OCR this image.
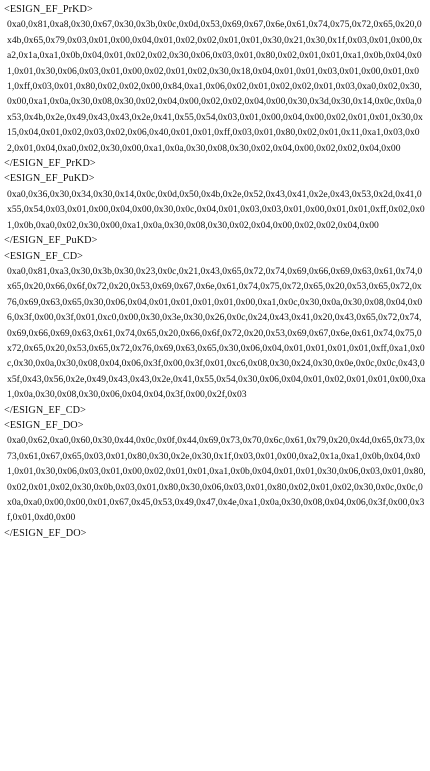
<ESIGN_EF_PrKD>
0xa0,0x81,0xa8,0x30,0x67,0x30,0x3b,0x0c,0x0d,0x53,0x69,0x67,0x6e,0x61,0x74,0x75,0x72,0x65,0x20,0x4b,0x65,0x79,0x03,0x01,0x00,0x04,0x01,0x02,0x02,0x01,0x01,0x30,0x21,0x30,0x1f,0x03,0x01,0x00,0xa2,0x1a,0xa1,0x0b,0x04,0x01,0x02,0x02,0x30,0x06,0x03,0x01,0x80,0x02,0x01,0x01,0xa1,0x0b,0x04,0x01,0x01,0x30,0x06,0x03,0x01,0x00,0x02,0x01,0x02,0x30,0x18,0x04,0x01,0x01,0x03,0x01,0x00,0x01,0x01,0xff,0x03,0x01,0x80,0x02,0x02,0x00,0x84,0xa1,0x06,0x02,0x01,0x02,0x02,0x01,0x03,0xa0,0x02,0x30,0x00,0xa1,0x0a,0x30,0x08,0x30,0x02,0x04,0x00,0x02,0x02,0x04,0x00,0x30,0x3d,0x30,0x14,0x0c,0x0a,0x53,0x4b,0x2e,0x49,0x43,0x43,0x2e,0x41,0x55,0x54,0x03,0x01,0x00,0x04,0x00,0x02,0x01,0x01,0x30,0x15,0x04,0x01,0x02,0x03,0x02,0x06,0x40,0x01,0x01,0xff,0x03,0x01,0x80,0x02,0x01,0x11,0xa1,0x03,0x02,0x01,0x04,0xa0,0x02,0x30,0x00,0xa1,0x0a,0x30,0x08,0x30,0x02,0x04,0x00,0x02,0x02,0x04,0x00
</ESIGN_EF_PrKD>
<ESIGN_EF_PuKD>
0xa0,0x36,0x30,0x34,0x30,0x14,0x0c,0x0d,0x50,0x4b,0x2e,0x52,0x43,0x41,0x2e,0x43,0x53,0x2d,0x41,0x55,0x54,0x03,0x01,0x00,0x04,0x00,0x30,0x0c,0x04,0x01,0x03,0x03,0x01,0x00,0x01,0x01,0xff,0x02,0x01,0x0b,0xa0,0x02,0x30,0x00,0xa1,0x0a,0x30,0x08,0x30,0x02,0x04,0x00,0x02,0x02,0x04,0x00
</ESIGN_EF_PuKD>
<ESIGN_EF_CD>
0xa0,0x81,0xa3,0x30,0x3b,0x30,0x23,0x0c,0x21,0x43,0x65,0x72,0x74,0x69,0x66,0x69,0x63,0x61,0x74,0x65,0x20,0x66,0x6f,0x72,0x20,0x53,0x69,0x67,0x6e,0x61,0x74,0x75,0x72,0x65,0x20,0x53,0x65,0x72,0x76,0x69,0x63,0x65,0x30,0x06,0x04,0x01,0x01,0x01,0x01,0x00,0xa1,0x0c,0x30,0x0a,0x30,0x08,0x04,0x06,0x3f,0x00,0x3f,0x01,0xc0,0x00,0x30,0x3e,0x30,0x26,0x0c,0x24,0x43,0x41,0x20,0x43,0x65,0x72,0x74,0x69,0x66,0x69,0x63,0x61,0x74,0x65,0x20,0x66,0x6f,0x72,0x20,0x53,0x69,0x67,0x6e,0x61,0x74,0x75,0x72,0x65,0x20,0x53,0x65,0x72,0x76,0x69,0x63,0x65,0x30,0x06,0x04,0x01,0x01,0x01,0x01,0xff,0xa1,0x0c,0x30,0x0a,0x30,0x08,0x04,0x06,0x3f,0x00,0x3f,0x01,0xc6,0x08,0x30,0x24,0x30,0x0e,0x0c,0x0c,0x43,0x5f,0x43,0x56,0x2e,0x49,0x43,0x43,0x2e,0x41,0x55,0x54,0x30,0x06,0x04,0x01,0x02,0x01,0x01,0x00,0xa1,0x0a,0x30,0x08,0x30,0x06,0x04,0x04,0x3f,0x00,0x2f,0x03
</ESIGN_EF_CD>
<ESIGN_EF_DO>
0xa0,0x62,0xa0,0x60,0x30,0x44,0x0c,0x0f,0x44,0x69,0x73,0x70,0x6c,0x61,0x79,0x20,0x4d,0x65,0x73,0x73,0x61,0x67,0x65,0x03,0x01,0x80,0x30,0x2e,0x30,0x1f,0x03,0x01,0x00,0xa2,0x1a,0xa1,0x0b,0x04,0x01,0x01,0x30,0x06,0x03,0x01,0x00,0x02,0x01,0x01,0xa1,0x0b,0x04,0x01,0x01,0x30,0x06,0x03,0x01,0x80,0x02,0x01,0x02,0x30,0x0b,0x03,0x01,0x80,0x30,0x06,0x03,0x01,0x80,0x02,0x01,0x02,0x30,0x0c,0x0c,0x0a,0xa0,0x00,0x00,0x01,0x67,0x45,0x53,0x49,0x47,0x4e,0xa1,0x0a,0x30,0x08,0x04,0x06,0x3f,0x00,0x3f,0x01,0xd0,0x00
</ESIGN_EF_DO>
